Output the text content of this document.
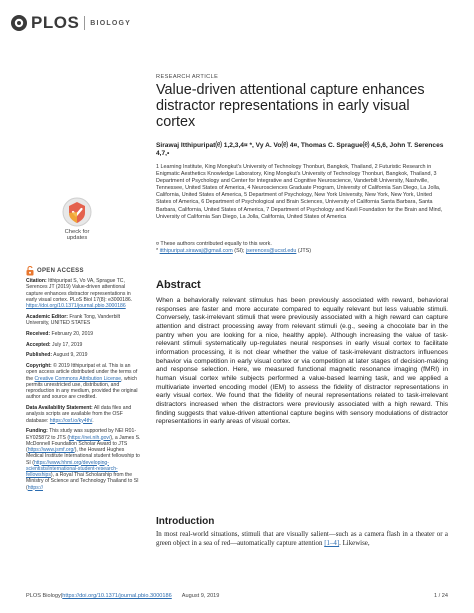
PLOS BIOLOGY
RESEARCH ARTICLE
Value-driven attentional capture enhances distractor representations in early visual cortex
Sirawaj Itthipuripat⒠ 1,2,3,4¤ *, Vy A. Vo⒠ 4¤, Thomas C. Sprague⒠ 4,5,6, John T. Serences 4,7,•
1 Learning Institute, King Mongkut's University of Technology Thonburi, Bangkok, Thailand, 2 Futuristic Research in Enigmatic Aesthetics Knowledge Laboratory, King Mongkut's University of Technology Thonburi, Bangkok, Thailand, 3 Department of Psychology and Center for Integrative and Cognitive Neuroscience, Vanderbilt University, Nashville, Tennessee, United States of America, 4 Neurosciences Graduate Program, University of California San Diego, La Jolla, California, United States of America, 5 Department of Psychology, New York University, New York, New York, United States of America, 6 Department of Psychological and Brain Sciences, University of California Santa Barbara, Santa Barbara, California, United States of America, 7 Department of Psychology and Kavli Foundation for the Brain and Mind, University of California San Diego, La Jolla, California, United States of America
¤ These authors contributed equally to this work.
* itthipuripat.sirawaj@gmail.com (SI); jserences@ucsd.edu (JTS)
Abstract

When a behaviorally relevant stimulus has been previously associated with reward, behavioral responses are faster and more accurate compared to equally relevant but less valuable stimuli. Conversely, task-irrelevant stimuli that were previously associated with a high reward can capture attention and distract processing away from relevant stimuli (e.g., seeing a chocolate bar in the pantry when you are looking for a nice, healthy apple). Although increasing the value of task-relevant stimuli systematically up-regulates neural responses in early visual cortex to facilitate information processing, it is not clear whether the value of task-irrelevant distractors influences behavior via competition in early visual cortex or via competition at later stages of decision-making and response selection. Here, we measured functional magnetic resonance imaging (fMRI) in human visual cortex while subjects performed a value-based learning task, and we applied a multivariate inverted encoding model (IEM) to assess the fidelity of distractor representations in early visual cortex. We found that the fidelity of neural representations related to task-irrelevant distractors increased when the distractors were previously associated with a high reward. This finding suggests that value-driven attentional capture begins with sensory modulations of distractor representations in early areas of visual cortex.

Introduction

In most real-world situations, stimuli that are visually salient—such as a camera flash in a theater or a green object in a sea of red—automatically capture attention [1–4]. Likewise,

Check for updates
OPEN ACCESS
Citation: Itthipuripat S, Vo VA, Sprague TC, Serences JT (2019) Value-driven attentional capture enhances distractor representations in early visual cortex. PLoS Biol 17(8): e3000186. https://doi.org/10.1371/journal.pbio.3000186
Academic Editor: Frank Tong, Vanderbilt University, UNITED STATES
Received: February 20, 2019
Accepted: July 17, 2019
Published: August 9, 2019
Copyright: © 2019 Itthipuripat et al. This is an open access article distributed under the terms of the Creative Commons Attribution License, which permits unrestricted use, distribution, and reproduction in any medium, provided the original author and source are credited.
Data Availability Statement: All data files and analysis scripts are available from the OSF database: https://osf.io/ky4th/.
Funding: This study was supported by NEI R01-EY025872 to JTS (https://nei.nih.gov/), a James S. McDonnell Foundation Scholar Award to JTS (https://www.jsmf.org/), the Howard Hughes Medical Institute International student fellowship to SI (https://www.hhmi.org/developing-scientists/international-student-research-fellowships), a Royal Thai Scholarship from the Ministry of Science and Technology Thailand to SI (https://
PLOS Biology | https://doi.org/10.1371/journal.pbio.3000186 August 9, 2019	1 / 24
